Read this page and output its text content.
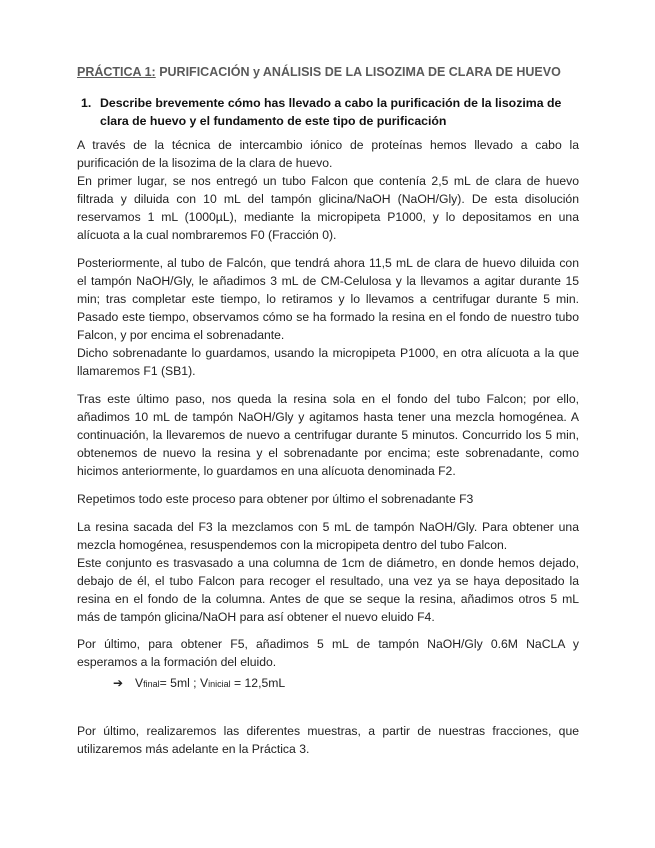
PRÁCTICA 1: PURIFICACIÓN y ANÁLISIS DE LA LISOZIMA DE CLARA DE HUEVO
1. Describe brevemente cómo has llevado a cabo la purificación de la lisozima de clara de huevo y el fundamento de este tipo de purificación
A través de la técnica de intercambio iónico de proteínas hemos llevado a cabo la purificación de la lisozima de la clara de huevo.
En primer lugar, se nos entregó un tubo Falcon que contenía 2,5 mL de clara de huevo filtrada y diluida con 10 mL del tampón glicina/NaOH (NaOH/Gly). De esta disolución reservamos 1 mL (1000µL), mediante la micropipeta P1000, y lo depositamos en una alícuota a la cual nombraremos F0 (Fracción 0).
Posteriormente, al tubo de Falcón, que tendrá ahora 11,5 mL de clara de huevo diluida con el tampón NaOH/Gly, le añadimos 3 mL de CM-Celulosa y la llevamos a agitar durante 15 min; tras completar este tiempo, lo retiramos y lo llevamos a centrifugar durante 5 min. Pasado este tiempo, observamos cómo se ha formado la resina en el fondo de nuestro tubo Falcon, y por encima el sobrenadante.
Dicho sobrenadante lo guardamos, usando la micropipeta P1000, en otra alícuota a la que llamaremos F1 (SB1).
Tras este último paso, nos queda la resina sola en el fondo del tubo Falcon; por ello, añadimos 10 mL de tampón NaOH/Gly y agitamos hasta tener una mezcla homogénea. A continuación, la llevaremos de nuevo a centrifugar durante 5 minutos. Concurrido los 5 min, obtenemos de nuevo la resina y el sobrenadante por encima; este sobrenadante, como hicimos anteriormente, lo guardamos en una alícuota denominada F2.
Repetimos todo este proceso para obtener por último el sobrenadante F3
La resina sacada del F3 la mezclamos con 5 mL de tampón NaOH/Gly. Para obtener una mezcla homogénea, resuspendemos con la micropipeta dentro del tubo Falcon.
Este conjunto es trasvasado a una columna de 1cm de diámetro, en donde hemos dejado, debajo de él, el tubo Falcon para recoger el resultado, una vez ya se haya depositado la resina en el fondo de la columna. Antes de que se seque la resina, añadimos otros 5 mL más de tampón glicina/NaOH para así obtener el nuevo eluido F4.
Por último, para obtener F5, añadimos 5 mL de tampón NaOH/Gly 0.6M NaCLA y esperamos a la formación del eluido.
➔ Vfinal= 5ml ; Vinicial = 12,5mL
Por último, realizaremos las diferentes muestras, a partir de nuestras fracciones, que utilizaremos más adelante en la Práctica 3.
